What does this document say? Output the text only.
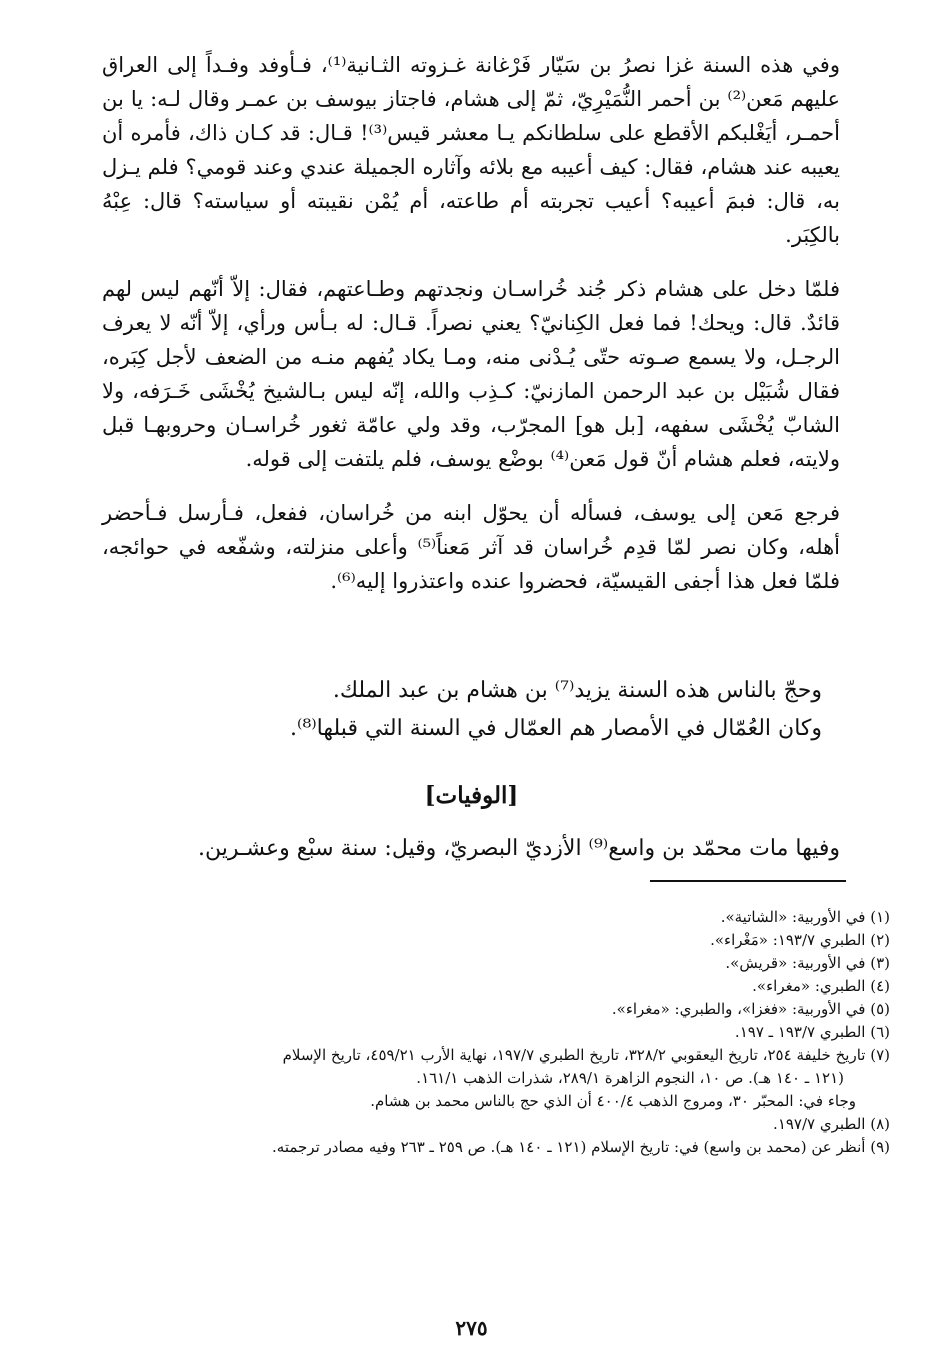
وفي هذه السنة غزا نصرُ بن سَيّار فَرْغانة غـزوته الثـانية⁽¹⁾، فـأوفد وفـداً إلى العراق عليهم مَعن⁽²⁾ بن أحمر النُّمَيْرِيّ، ثمّ إلى هشام، فاجتاز بيوسف بن عمـر وقال لـه: يا بن أحمـر، أيَغْلبكم الأقطع على سلطانكم يـا معشر قيس⁽³⁾! قـال: قد كـان ذاك، فأمره أن يعيبه عند هشام، فقال: كيف أعيبه مع بلائه وآثاره الجميلة عندي وعند قومي؟ فلم يـزل به، قال: فبمَ أعيبه؟ أعيب تجربته أم طاعته، أم يُمْن نقيبته أو سياسته؟ قال: عِبْهُ بالكِبَر.

فلمّا دخل على هشام ذكر جُند خُراسـان ونجدتهم وطـاعتهم، فقال: إلاّ أنّهم ليس لهم قائدٌ. قال: ويحك! فما فعل الكِنانيّ؟ يعني نصراً. قـال: له بـأس ورأي، إلاّ أنّه لا يعرف الرجـل، ولا يسمع صـوته حتّى يُـدْنى منه، ومـا يكاد يُفهم منـه من الضعف لأجل كِبَره، فقال شُبَيْل بن عبد الرحمن المازنيّ: كـذِب والله، إنّه ليس بـالشيخ يُخْشَى خَـرَفه، ولا الشابّ يُخْشَى سفهه، [بل هو] المجرّب، وقد ولي عامّة ثغور خُراسـان وحروبهـا قبل ولايته، فعلم هشام أنّ قول مَعن⁽⁴⁾ بوضْع يوسف، فلم يلتفت إلى قوله.

فرجع مَعن إلى يوسف، فسأله أن يحوّل ابنه من خُراسان، ففعل، فـأرسل فـأحضر أهله، وكان نصر لمّا قدِم خُراسان قد آثر مَعناً⁽⁵⁾ وأعلى منزلته، وشفّعه في حوائجه، فلمّا فعل هذا أجفى القيسيّة، فحضروا عنده واعتذروا إليه⁽⁶⁾.

وحجّ بالناس هذه السنة يزيد⁽⁷⁾ بن هشام بن عبد الملك.

وكان العُمّال في الأمصار هم العمّال في السنة التي قبلها⁽⁸⁾.

[الوفيات]
وفيها مات محمّد بن واسع⁽⁹⁾ الأزديّ البصريّ، وقيل: سنة سبْع وعشـرين.
(١) في الأوربية: «الشاتية».
(٢) الطبري ١٩٣/٧: «مَغْراء».
(٣) في الأوربية: «قريش».
(٤) الطبري: «مغراء».
(٥) في الأوربية: «فغزا»، والطبري: «مغراء».
(٦) الطبري ١٩٣/٧ ـ ١٩٧.
(٧) تاريخ خليفة ٢٥٤، تاريخ اليعقوبي ٣٢٨/٢، تاريخ الطبري ١٩٧/٧، نهاية الأرب ٤٥٩/٢١، تاريخ الإسلام
(١٢١ ـ ١٤٠ هـ). ص ١٠، النجوم الزاهرة ٢٨٩/١، شذرات الذهب ١٦١/١.
وجاء في: المحبّر ٣٠، ومروج الذهب ٤٠٠/٤ أن الذي حج بالناس محمد بن هشام.
(٨) الطبري ١٩٧/٧.
(٩) أنظر عن (محمد بن واسع) في: تاريخ الإسلام (١٢١ ـ ١٤٠ هـ). ص ٢٥٩ ـ ٢٦٣ وفيه مصادر ترجمته.
٢٧٥
